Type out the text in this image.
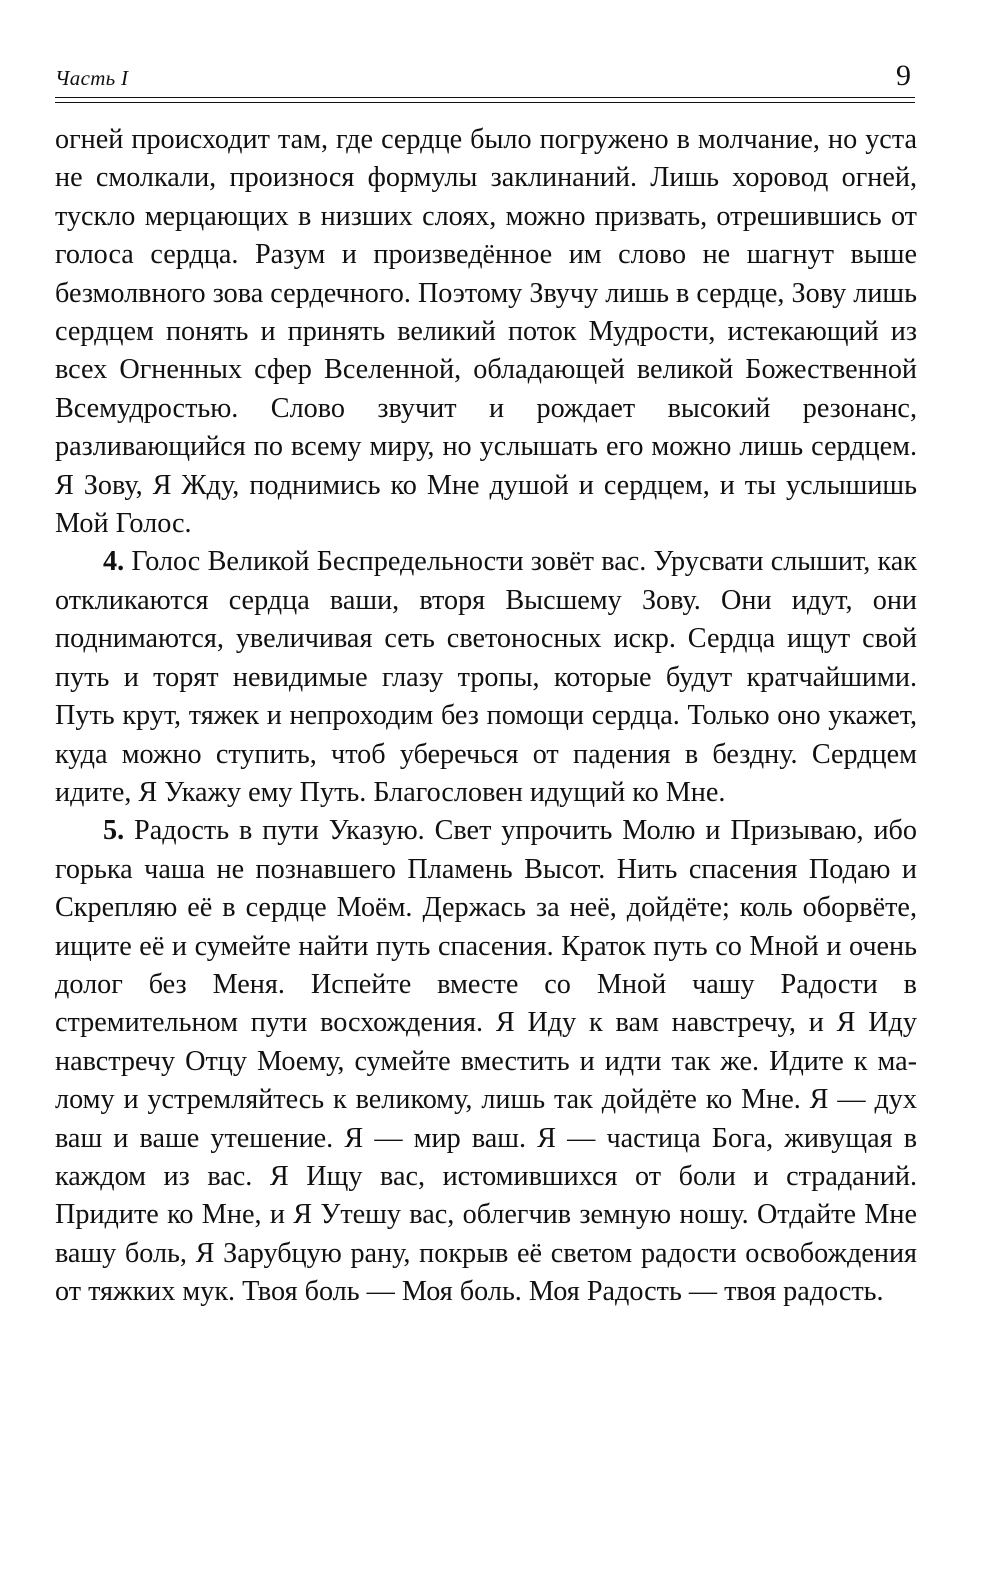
Часть I	9

огней происходит там, где сердце было погружено в молчание, но уста не смолкали, произнося формулы заклинаний. Лишь хоровод огней, тускло мерцающих в низших слоях, можно призвать, отрешившись от голоса сердца. Разум и произведённое им слово не шагнут выше безмолвного зова сердечного. Поэтому Звучу лишь в сердце, Зову лишь сердцем понять и принять великий поток Мудрости, истекающий из всех Огненных сфер Вселенной, обладающей великой Божественной Всемудростью. Слово звучит и рождает высокий резонанс, разливающийся по всему миру, но услышать его можно лишь сердцем. Я Зову, Я Жду, поднимись ко Мне душой и сердцем, и ты услышишь Мой Голос.

4. Голос Великой Беспредельности зовёт вас. Урусвати слышит, как откликаются сердца ваши, вторя Высшему Зову. Они идут, они поднимаются, увеличивая сеть светоносных искр. Сердца ищут свой путь и торят невидимые глазу тропы, которые будут кратчайшими. Путь крут, тяжек и непроходим без помощи сердца. Только оно укажет, куда можно ступить, чтоб уберечься от падения в бездну. Сердцем идите, Я Укажу ему Путь. Благословен идущий ко Мне.

5. Радость в пути Указую. Свет упрочить Молю и Призываю, ибо горька чаша не познавшего Пламень Высот. Нить спасения Подаю и Скрепляю её в сердце Моём. Держась за неё, дойдёте; коль оборвёте, ищите её и сумейте найти путь спасения. Краток путь со Мной и очень долог без Меня. Испейте вместе со Мной чашу Радости в стремительном пути восхождения. Я Иду к вам навстречу, и Я Иду навстречу Отцу Моему, сумейте вместить и идти так же. Идите к малому и устремляйтесь к великому, лишь так дойдёте ко Мне. Я — дух ваш и ваше утешение. Я — мир ваш. Я — частица Бога, живущая в каждом из вас. Я Ищу вас, истомившихся от боли и страданий. Придите ко Мне, и Я Утешу вас, облегчив земную ношу. Отдайте Мне вашу боль, Я Зарубцую рану, покрыв её светом радости освобождения от тяжких мук. Твоя боль — Моя боль. Моя Радость — твоя радость.
